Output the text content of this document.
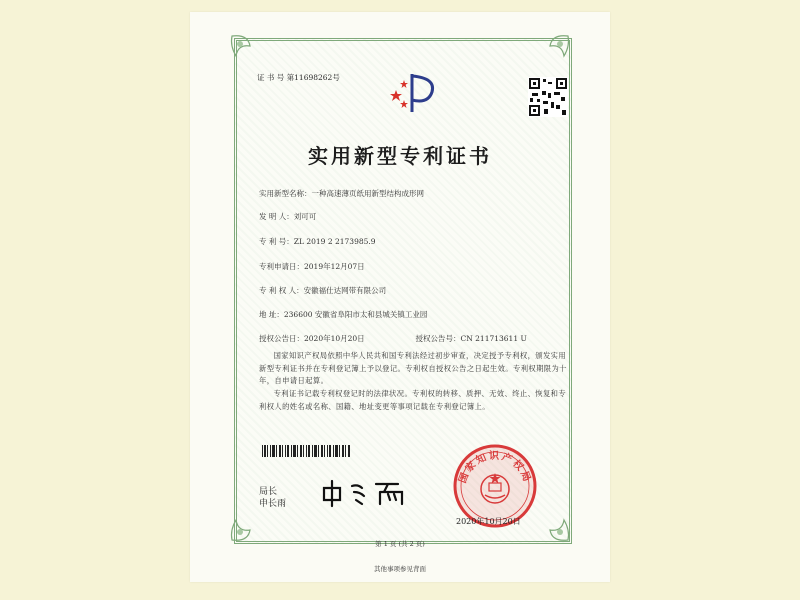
证 书 号 第11698262号
实用新型专利证书
实用新型名称：一种高速薄页纸用新型结构成形网
发 明 人：刘可可
专 利 号：ZL 2019 2 2173985.9
专利申请日：2019年12月07日
专 利 权 人：安徽福仕达网带有限公司
地 址：236600 安徽省阜阳市太和县城关镇工业园
授权公告日：2020年10月20日	授权公告号：CN 211713611 U
国家知识产权局依照中华人民共和国专利法经过初步审查，决定授予专利权，颁发实用新型专利证书并在专利登记簿上予以登记。专利权自授权公告之日起生效。专利权期限为十年，自申请日起算。
专利证书记载专利权登记时的法律状况。专利权的转移、质押、无效、终止、恢复和专利权人的姓名或名称、国籍、地址变更等事项记载在专利登记簿上。
局长
申长雨
国家知识产权局
2020年10月20日
第 1 页 (共 2 页)
其他事项参见背面
